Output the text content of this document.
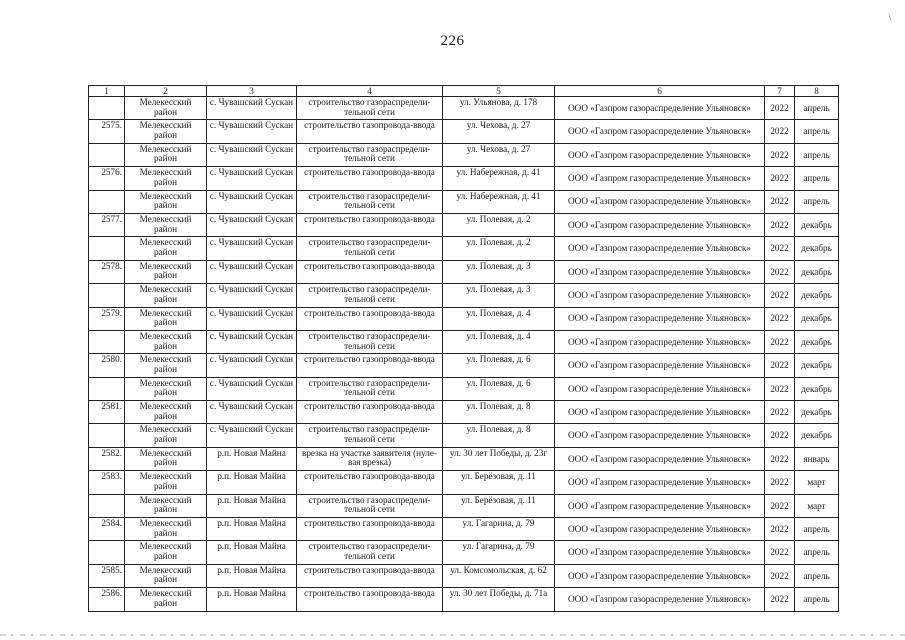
\
226
1	2	3	4	5	6	7	8
	Мелекесский район	с. Чувашский Сускан	строительство газораспредели-тельной сети	ул. Ульянова, д. 178	ООО «Газпром газораспределение Ульяновск»	2022	апрель
2575.	Мелекесский район	с. Чувашский Сускан	строительство газопровода-ввода	ул. Чехова, д. 27	ООО «Газпром газораспределение Ульяновск»	2022	апрель
	Мелекесский район	с. Чувашский Сускан	строительство газораспредели-тельной сети	ул. Чехова, д. 27	ООО «Газпром газораспределение Ульяновск»	2022	апрель
2576.	Мелекесский район	с. Чувашский Сускан	строительство газопровода-ввода	ул. Набережная, д. 41	ООО «Газпром газораспределение Ульяновск»	2022	апрель
	Мелекесский район	с. Чувашский Сускан	строительство газораспредели-тельной сети	ул. Набережная, д. 41	ООО «Газпром газораспределение Ульяновск»	2022	апрель
2577.	Мелекесский район	с. Чувашский Сускан	строительство газопровода-ввода	ул. Полевая, д. 2	ООО «Газпром газораспределение Ульяновск»	2022	декабрь
	Мелекесский район	с. Чувашский Сускан	строительство газораспредели-тельной сети	ул. Полевая, д. 2	ООО «Газпром газораспределение Ульяновск»	2022	декабрь
2578.	Мелекесский район	с. Чувашский Сускан	строительство газопровода-ввода	ул. Полевая, д. 3	ООО «Газпром газораспределение Ульяновск»	2022	декабрь
	Мелекесский район	с. Чувашский Сускан	строительство газораспредели-тельной сети	ул. Полевая, д. 3	ООО «Газпром газораспределение Ульяновск»	2022	декабрь
2579.	Мелекесский район	с. Чувашский Сускан	строительство газопровода-ввода	ул. Полевая, д. 4	ООО «Газпром газораспределение Ульяновск»	2022	декабрь
	Мелекесский район	с. Чувашский Сускан	строительство газораспредели-тельной сети	ул. Полевая, д. 4	ООО «Газпром газораспределение Ульяновск»	2022	декабрь
2580.	Мелекесский район	с. Чувашский Сускан	строительство газопровода-ввода	ул. Полевая, д. 6	ООО «Газпром газораспределение Ульяновск»	2022	декабрь
	Мелекесский район	с. Чувашский Сускан	строительство газораспредели-тельной сети	ул. Полевая, д. 6	ООО «Газпром газораспределение Ульяновск»	2022	декабрь
2581.	Мелекесский район	с. Чувашский Сускан	строительство газопровода-ввода	ул. Полевая, д. 8	ООО «Газпром газораспределение Ульяновск»	2022	декабрь
	Мелекесский район	с. Чувашский Сускан	строительство газораспредели-тельной сети	ул. Полевая, д. 8	ООО «Газпром газораспределение Ульяновск»	2022	декабрь
2582.	Мелекесский район	р.п. Новая Майна	врезка на участке заявителя (нуле-вая врезка)	ул. 30 лет Победы, д. 23г	ООО «Газпром газораспределение Ульяновск»	2022	январь
2583.	Мелекесский район	р.п. Новая Майна	строительство газопровода-ввода	ул. Берёзовая, д. 11	ООО «Газпром газораспределение Ульяновск»	2022	март
	Мелекесский район	р.п. Новая Майна	строительство газораспредели-тельной сети	ул. Берёзовая, д. 11	ООО «Газпром газораспределение Ульяновск»	2022	март
2584.	Мелекесский район	р.п. Новая Майна	строительство газопровода-ввода	ул. Гагарина, д. 79	ООО «Газпром газораспределение Ульяновск»	2022	апрель
	Мелекесский район	р.п. Новая Майна	строительство газораспредели-тельной сети	ул. Гагарина, д. 79	ООО «Газпром газораспределение Ульяновск»	2022	апрель
2585.	Мелекесский район	р.п. Новая Майна	строительство газопровода-ввода	ул. Комсомольская, д. 62	ООО «Газпром газораспределение Ульяновск»	2022	апрель
2586.	Мелекесский район	р.п. Новая Майна	строительство газопровода-ввода	ул. 30 лет Победы, д. 71а	ООО «Газпром газораспределение Ульяновск»	2022	апрель
